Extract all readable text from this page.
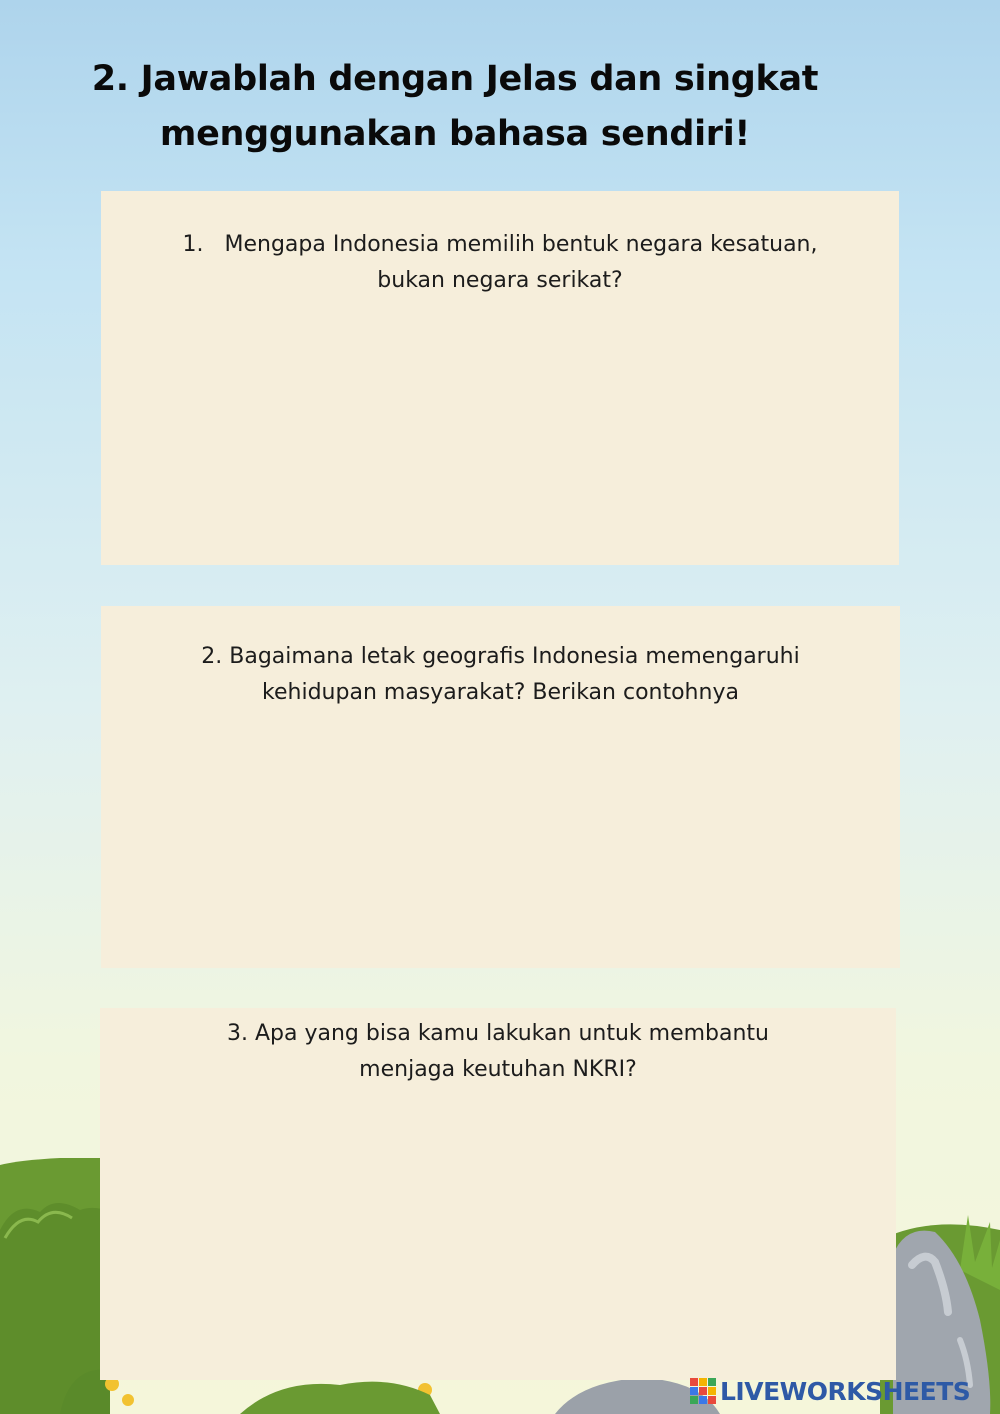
2. Jawablah dengan Jelas dan singkat
menggunakan bahasa sendiri!
1. Mengapa Indonesia memilih bentuk negara kesatuan,
bukan negara serikat?
2. Bagaimana letak geografis Indonesia memengaruhi
kehidupan masyarakat? Berikan contohnya
3. Apa yang bisa kamu lakukan untuk membantu
menjaga keutuhan NKRI?
LIVEWORKSHEETS
